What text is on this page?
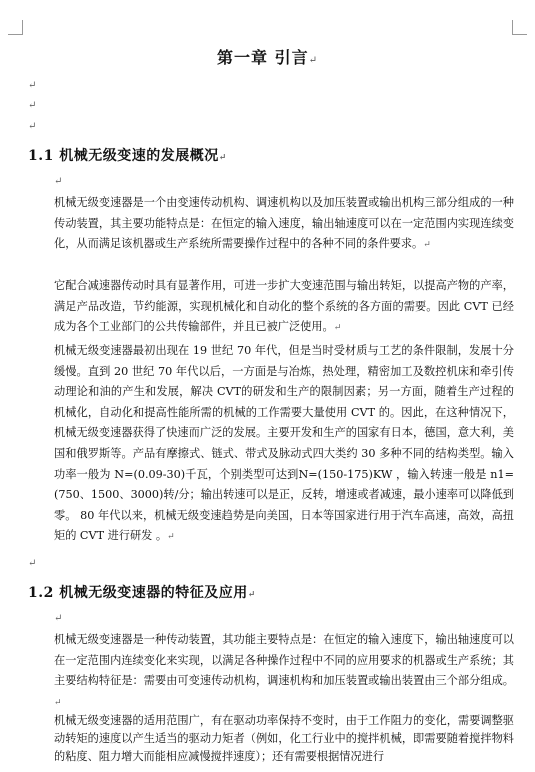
第一章 引言↵
↵
↵
↵
1.1 机械无级变速的发展概况↵
↵
机械无级变速器是一个由变速传动机构、调速机构以及加压装置或输出机构三部分组成的一种传动装置，其主要功能特点是：在恒定的输入速度，输出轴速度可以在一定范围内实现连续变化，从而满足该机器或生产系统所需要操作过程中的各种不同的条件要求。↵
它配合减速器传动时具有显著作用，可进一步扩大变速范围与输出转矩，以提高产物的产率，满足产品改造，节约能源，实现机械化和自动化的整个系统的各方面的需要。因此 CVT 已经成为各个工业部门的公共传输部件，并且已被广泛使用。↵
机械无级变速器最初出现在 19 世纪 70 年代，但是当时受材质与工艺的条件限制，发展十分缓慢。直到 20 世纪 70 年代以后，一方面是与冶炼，热处理，精密加工及数控机床和牵引传动理论和油的产生和发展，解决 CVT的研发和生产的限制因素；另一方面，随着生产过程的机械化，自动化和提高性能所需的机械的工作需要大量使用 CVT 的。因此，在这种情况下，机械无级变速器获得了快速而广泛的发展。主要开发和生产的国家有日本，德国，意大利，美国和俄罗斯等。产品有摩擦式、链式、带式及脉动式四大类约 30 多种不同的结构类型。输入功率一般为 N=(0.09-30)千瓦，个别类型可达到N=(150-175)KW ，输入转速一般是 n1=(750、1500、3000)转/分；输出转速可以是正，反转，增速或者减速，最小速率可以降低到零。 80 年代以来，机械无级变速趋势是向美国，日本等国家进行用于汽车高速，高效，高扭矩的 CVT 进行研发 。↵
↵
1.2 机械无级变速器的特征及应用↵
↵
机械无级变速器是一种传动装置，其功能主要特点是：在恒定的输入速度下，输出轴速度可以在一定范围内连续变化来实现，以满足各种操作过程中不同的应用要求的机器或生产系统；其主要结构特征是：需要由可变速传动机构，调速机构和加压装置或输出装置由三个部分组成。↵
机械无级变速器的适用范围广，有在驱动功率保持不变时，由于工作阻力的变化，需要调整驱动转矩的速度以产生适当的驱动力矩者（例如，化工行业中的搅拌机械，即需要随着搅拌物料的粘度、阻力增大而能相应减慢搅拌速度）；还有需要根据情况进行
